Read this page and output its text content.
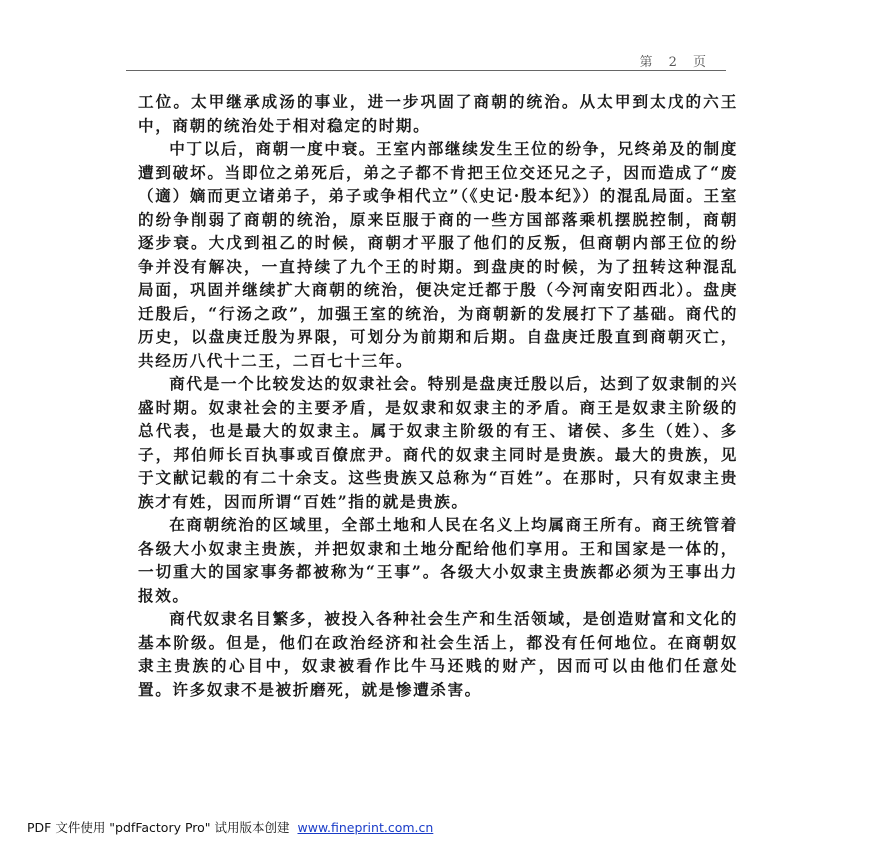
第 2 页

工位。太甲继承成汤的事业，进一步巩固了商朝的统治。从太甲到太戊的六王中，商朝的统治处于相对稳定的时期。

中丁以后，商朝一度中衰。王室内部继续发生王位的纷争，兄终弟及的制度遭到破坏。当即位之弟死后，弟之子都不肯把王位交还兄之子，因而造成了“废（適）嫡而更立诸弟子，弟子或争相代立”（《史记·殷本纪》）的混乱局面。王室的纷争削弱了商朝的统治，原来臣服于商的一些方国部落乘机摆脱控制，商朝逐步衰。大戊到祖乙的时候，商朝才平服了他们的反叛，但商朝内部王位的纷争并没有解决，一直持续了九个王的时期。到盘庚的时候，为了扭转这种混乱局面，巩固并继续扩大商朝的统治，便决定迁都于殷（今河南安阳西北）。盘庚迁殷后，“行汤之政”，加强王室的统治，为商朝新的发展打下了基础。商代的历史，以盘庚迁殷为界限，可划分为前期和后期。自盘庚迁殷直到商朝灭亡，共经历八代十二王，二百七十三年。

商代是一个比较发达的奴隶社会。特别是盘庚迁殷以后，达到了奴隶制的兴盛时期。奴隶社会的主要矛盾，是奴隶和奴隶主的矛盾。商王是奴隶主阶级的总代表，也是最大的奴隶主。属于奴隶主阶级的有王、诸侯、多生（姓）、多子，邦伯师长百执事或百僚庶尹。商代的奴隶主同时是贵族。最大的贵族，见于文献记载的有二十余支。这些贵族又总称为“百姓”。在那时，只有奴隶主贵族才有姓，因而所谓“百姓”指的就是贵族。

在商朝统治的区域里，全部土地和人民在名义上均属商王所有。商王统管着各级大小奴隶主贵族，并把奴隶和土地分配给他们享用。王和国家是一体的，一切重大的国家事务都被称为“王事”。各级大小奴隶主贵族都必须为王事出力报效。

商代奴隶名目繁多，被投入各种社会生产和生活领域，是创造财富和文化的基本阶级。但是，他们在政治经济和社会生活上，都没有任何地位。在商朝奴隶主贵族的心目中，奴隶被看作比牛马还贱的财产，因而可以由他们任意处置。许多奴隶不是被折磨死，就是惨遭杀害。

PDF 文件使用 "pdfFactory Pro" 试用版本创建 www.fineprint.com.cn
